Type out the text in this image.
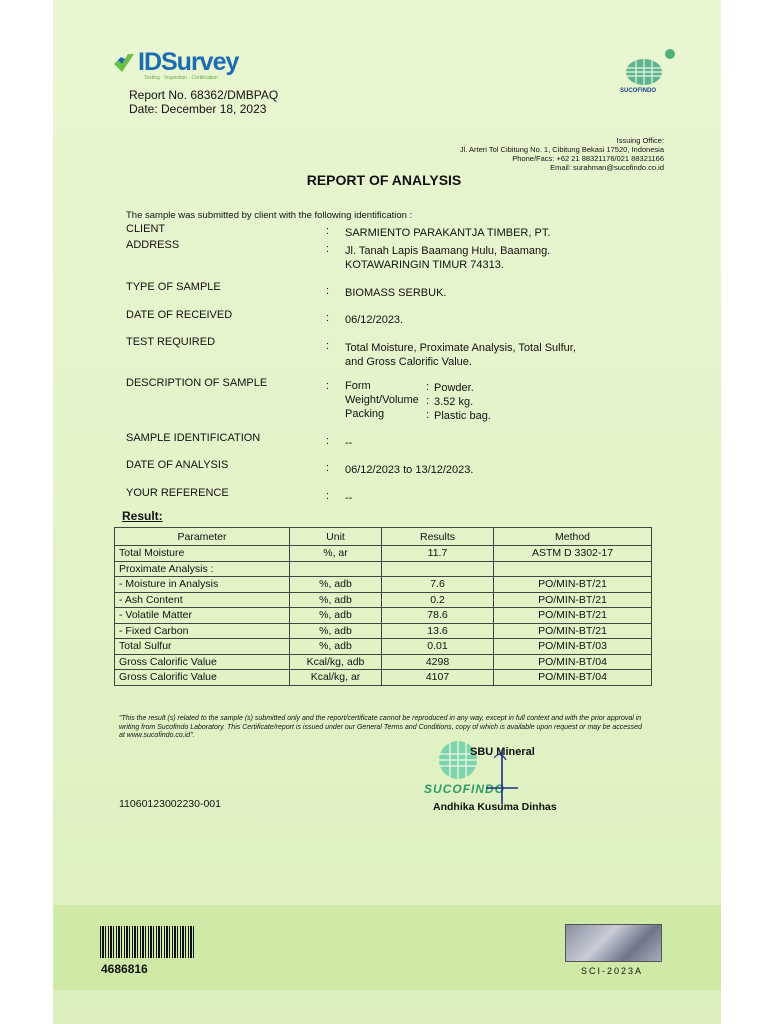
IDSurvey
Testing · Inspection · Certification
SUCOFINDO
Report No. 68362/DMBPAQ
Date: December 18, 2023
Issuing Office:
Jl. Arteri Tol Cibitung No. 1, Cibitung Bekasi 17520, Indonesia
Phone/Facs: +62 21 88321176/021 88321166
Email: surahman@sucofindo.co.id
REPORT OF ANALYSIS
The sample was submitted by client with the following identification :
CLIENT	: SARMIENTO PARAKANTJA TIMBER, PT.
ADDRESS	: Jl. Tanah Lapis Baamang Hulu, Baamang.
KOTAWARINGIN TIMUR 74313.
TYPE OF SAMPLE	: BIOMASS SERBUK.
DATE OF RECEIVED	: 06/12/2023.
TEST REQUIRED	: Total Moisture, Proximate Analysis, Total Sulfur,
and Gross Calorific Value.
DESCRIPTION OF SAMPLE	: Form	: Powder.
Weight/Volume : 3.52 kg.
Packing	: Plastic bag.
SAMPLE IDENTIFICATION	: --
DATE OF ANALYSIS	: 06/12/2023 to 13/12/2023.
YOUR REFERENCE	: --
Result:
Parameter	Unit	Results	Method
Total Moisture	%, ar	11.7	ASTM D 3302-17
Proximate Analysis :			
- Moisture in Analysis	%, adb	7.6	PO/MIN-BT/21
- Ash Content	%, adb	0.2	PO/MIN-BT/21
- Volatile Matter	%, adb	78.6	PO/MIN-BT/21
- Fixed Carbon	%, adb	13.6	PO/MIN-BT/21
Total Sulfur	%, adb	0.01	PO/MIN-BT/03
Gross Calorific Value	Kcal/kg, adb	4298	PO/MIN-BT/04
Gross Calorific Value	Kcal/kg, ar	4107	PO/MIN-BT/04
"This the result (s) related to the sample (s) submitted only and the report/certificate cannot be reproduced in any way, except in full context and with the prior approval in writing from Sucofindo Laboratory. This Certificate/report is issued under our General Terms and Conditions, copy of which is available upon request or may be accessed at www.sucofindo.co.id".
SBU Mineral
SUCOFINDO
Andhika Kusuma Dinhas
11060123002230-001
4686816	SCI-2023A
